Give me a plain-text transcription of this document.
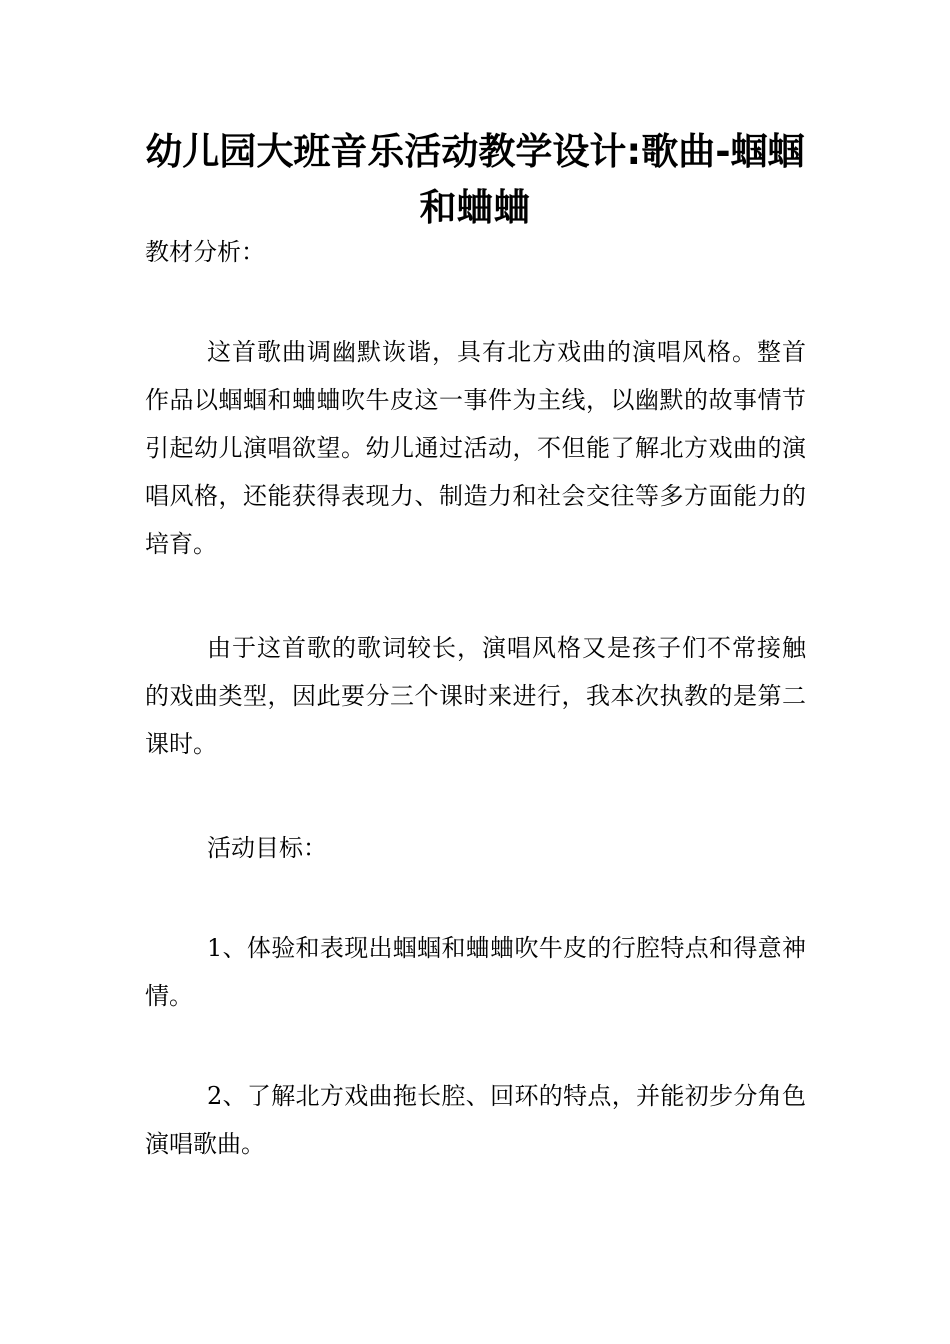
幼儿园大班音乐活动教学设计:歌曲-蝈蝈和蛐蛐

教材分析：

这首歌曲调幽默诙谐，具有北方戏曲的演唱风格。整首作品以蝈蝈和蛐蛐吹牛皮这一事件为主线，以幽默的故事情节引起幼儿演唱欲望。幼儿通过活动，不但能了解北方戏曲的演唱风格，还能获得表现力、制造力和社会交往等多方面能力的培育。

由于这首歌的歌词较长，演唱风格又是孩子们不常接触的戏曲类型，因此要分三个课时来进行，我本次执教的是第二课时。

活动目标：

1、体验和表现出蝈蝈和蛐蛐吹牛皮的行腔特点和得意神情。

2、了解北方戏曲拖长腔、回环的特点，并能初步分角色演唱歌曲。
